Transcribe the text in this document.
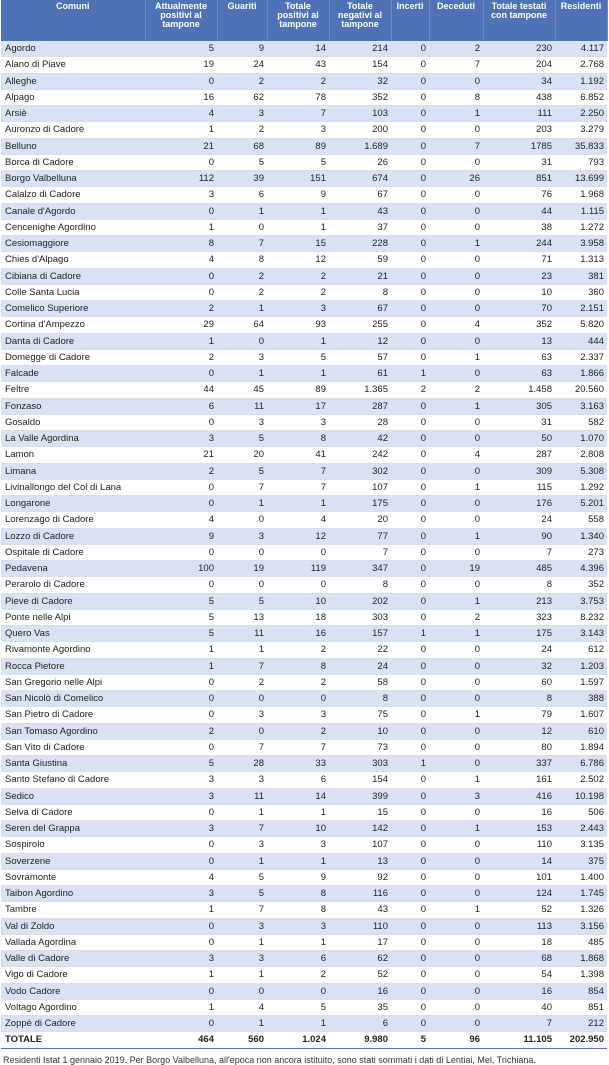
Comuni	Attualmente positivi al tampone	Guariti	Totale positivi al tampone	Totale negativi al tampone	Incerti	Deceduti	Totale testati con tampone	Residenti
Agordo	5	9	14	214	0	2	230	4.117
Alano di Piave	19	24	43	154	0	7	204	2.768
Alleghe	0	2	2	32	0	0	34	1.192
Alpago	16	62	78	352	0	8	438	6.852
Arsiè	4	3	7	103	0	1	111	2.250
Auronzo di Cadore	1	2	3	200	0	0	203	3.279
Belluno	21	68	89	1.689	0	7	1785	35.833
Borca di Cadore	0	5	5	26	0	0	31	793
Borgo Valbelluna	112	39	151	674	0	26	851	13.699
Calalzo di Cadore	3	6	9	67	0	0	76	1.968
Canale d'Agordo	0	1	1	43	0	0	44	1.115
Cencenighe Agordino	1	0	1	37	0	0	38	1.272
Cesiomaggiore	8	7	15	228	0	1	244	3.958
Chies d'Alpago	4	8	12	59	0	0	71	1.313
Cibiana di Cadore	0	2	2	21	0	0	23	381
Colle Santa Lucia	0	2	2	8	0	0	10	360
Comelico Superiore	2	1	3	67	0	0	70	2.151
Cortina d'Ampezzo	29	64	93	255	0	4	352	5.820
Danta di Cadore	1	0	1	12	0	0	13	444
Domegge di Cadore	2	3	5	57	0	1	63	2.337
Falcade	0	1	1	61	1	0	63	1.866
Feltre	44	45	89	1.365	2	2	1.458	20.560
Fonzaso	6	11	17	287	0	1	305	3.163
Gosaldo	0	3	3	28	0	0	31	582
La Valle Agordina	3	5	8	42	0	0	50	1.070
Lamon	21	20	41	242	0	4	287	2.808
Limana	2	5	7	302	0	0	309	5.308
Livinallongo del Col di Lana	0	7	7	107	0	1	115	1.292
Longarone	0	1	1	175	0	0	176	5.201
Lorenzago di Cadore	4	0	4	20	0	0	24	558
Lozzo di Cadore	9	3	12	77	0	1	90	1.340
Ospitale di Cadore	0	0	0	7	0	0	7	273
Pedavena	100	19	119	347	0	19	485	4.396
Perarolo di Cadore	0	0	0	8	0	0	8	352
Pieve di Cadore	5	5	10	202	0	1	213	3.753
Ponte nelle Alpi	5	13	18	303	0	2	323	8.232
Quero Vas	5	11	16	157	1	1	175	3.143
Rivamonte Agordino	1	1	2	22	0	0	24	612
Rocca Pietore	1	7	8	24	0	0	32	1.203
San Gregorio nelle Alpi	0	2	2	58	0	0	60	1.597
San Nicolò di Comelico	0	0	0	8	0	0	8	388
San Pietro di Cadore	0	3	3	75	0	1	79	1.607
San Tomaso Agordino	2	0	2	10	0	0	12	610
San Vito di Cadore	0	7	7	73	0	0	80	1.894
Santa Giustina	5	28	33	303	1	0	337	6.786
Santo Stefano di Cadore	3	3	6	154	0	1	161	2.502
Sedico	3	11	14	399	0	3	416	10.198
Selva di Cadore	0	1	1	15	0	0	16	506
Seren del Grappa	3	7	10	142	0	1	153	2.443
Sospirolo	0	3	3	107	0	0	110	3.135
Soverzene	0	1	1	13	0	0	14	375
Sovramonte	4	5	9	92	0	0	101	1.400
Taibon Agordino	3	5	8	116	0	0	124	1.745
Tambre	1	7	8	43	0	1	52	1.326
Val di Zoldo	0	3	3	110	0	0	113	3.156
Vallada Agordina	0	1	1	17	0	0	18	485
Valle di Cadore	3	3	6	62	0	0	68	1.868
Vigo di Cadore	1	1	2	52	0	0	54	1.398
Vodo Cadore	0	0	0	16	0	0	16	854
Voltago Agordino	1	4	5	35	0	0	40	851
Zoppè di Cadore	0	1	1	6	0	0	7	212
TOTALE	464	560	1.024	9.980	5	96	11.105	202.950
Residenti Istat 1 gennaio 2019. Per Borgo Valbelluna, all'epoca non ancora istituito, sono stati sommati i dati di Lentiai, Mel, Trichiana.
